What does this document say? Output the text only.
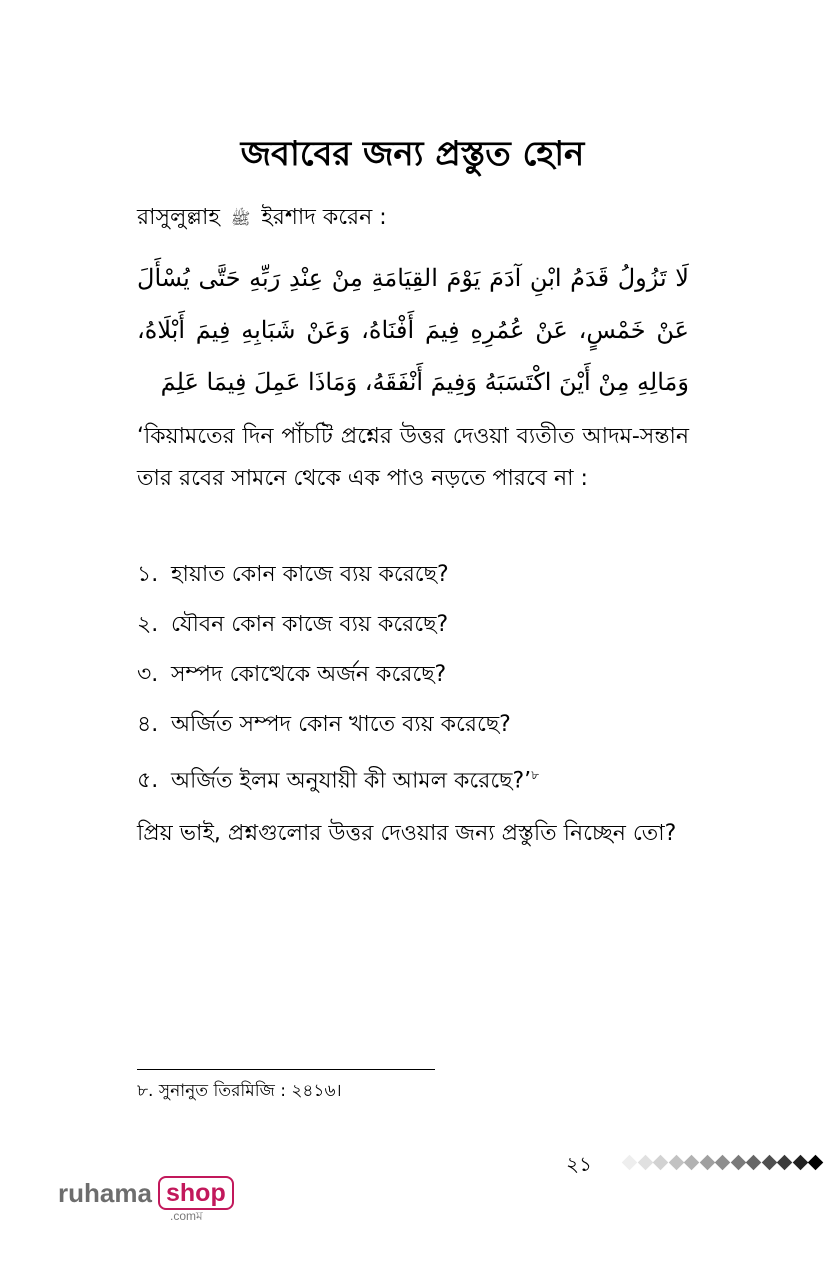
জবাবের জন্য প্রস্তুত হোন

রাসুলুল্লাহ ﷺ ইরশাদ করেন :

لَا تَزُولُ قَدَمُ ابْنِ آدَمَ يَوْمَ القِيَامَةِ مِنْ عِنْدِ رَبِّهِ حَتَّى يُسْأَلَ عَنْ خَمْسٍ، عَنْ عُمُرِهِ فِيمَ أَفْنَاهُ، وَعَنْ شَبَابِهِ فِيمَ أَبْلَاهُ، وَمَالِهِ مِنْ أَيْنَ اكْتَسَبَهُ وَفِيمَ أَنْفَقَهُ، وَمَاذَا عَمِلَ فِيمَا عَلِمَ

‘কিয়ামতের দিন পাঁচটি প্রশ্নের উত্তর দেওয়া ব্যতীত আদম-সন্তান তার রবের সামনে থেকে এক পাও নড়তে পারবে না :

১. হায়াত কোন কাজে ব্যয় করেছে?
২. যৌবন কোন কাজে ব্যয় করেছে?
৩. সম্পদ কোত্থেকে অর্জন করেছে?
৪. অর্জিত সম্পদ কোন খাতে ব্যয় করেছে?
৫. অর্জিত ইলম অনুযায়ী কী আমল করেছে?’$^৮$

প্রিয় ভাই, প্রশ্নগুলোর উত্তর দেওয়ার জন্য প্রস্তুতি নিচ্ছেন তো?

৮. সুনানুত তিরমিজি : ২৪১৬।

২১
ruhama shop
.comম
